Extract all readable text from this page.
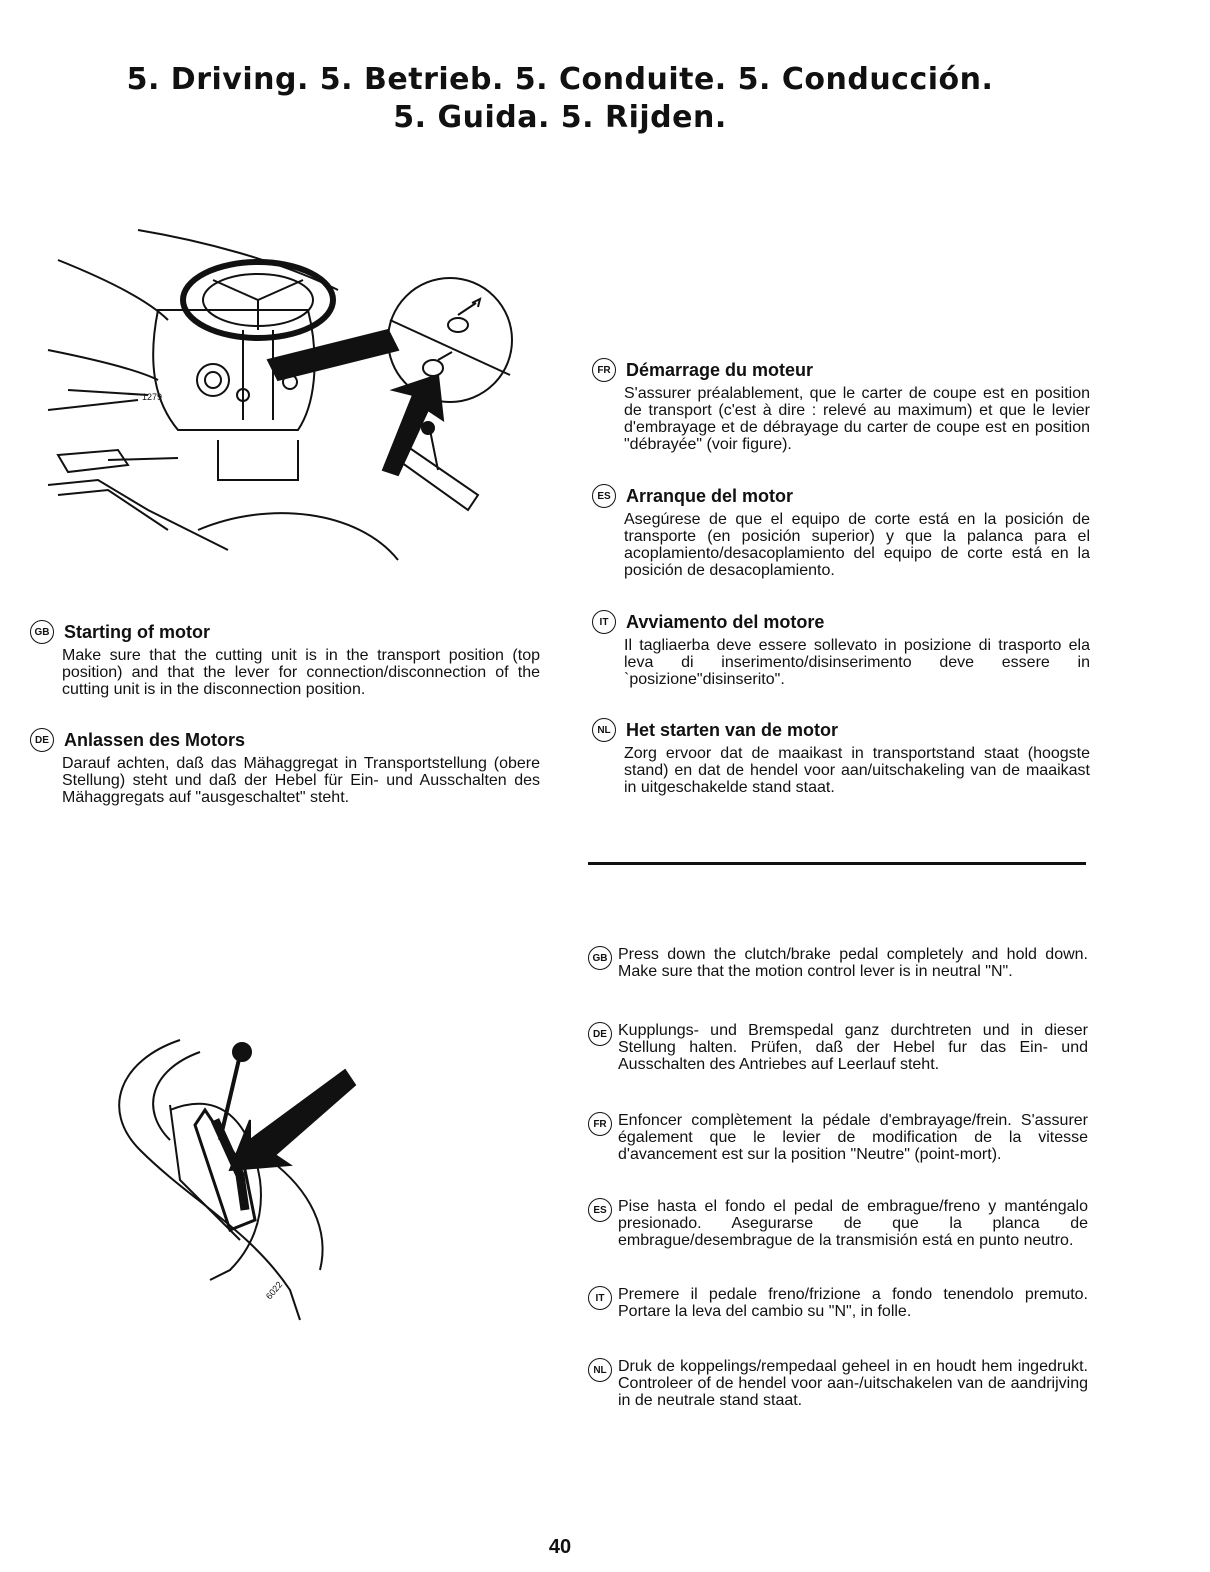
5. Driving. 5. Betrieb. 5. Conduite. 5. Conducción.
5. Guida. 5. Rijden.
1279
GB Starting of motor
Make sure that the cutting unit is in the transport position (top position) and that the lever for connection/disconnection of the cutting unit is in the disconnection position.
DE Anlassen des Motors
Darauf achten, daß das Mähaggregat in Transportstellung (obere Stellung) steht und daß der Hebel für Ein- und Ausschalten des Mähaggregats auf "ausgeschaltet" steht.
FR Démarrage du moteur
S'assurer préalablement, que le carter de coupe est en position de transport (c'est à dire : relevé au maximum) et que le levier d'embrayage et de débrayage du carter de coupe est en position "débrayée" (voir figure).
ES Arranque del motor
Asegúrese de que el equipo de corte está en la posición de transporte (en posición superior) y que la palanca para el acoplamiento/desacoplamiento del equipo de corte está en la posición de desacoplamiento.
IT Avviamento del motore
Il tagliaerba deve essere sollevato in posizione di trasporto ela leva di inserimento/disinserimento deve essere in `posizione"disinserito".
NL Het starten van de motor
Zorg ervoor dat de maaikast in transportstand staat (hoogste stand) en dat de hendel voor aan/uitschakeling van de maaikast in uitgeschakelde stand staat.
6022
GB Press down the clutch/brake pedal completely and hold down. Make sure that the motion control lever is in neutral "N".
DE Kupplungs- und Bremspedal ganz durchtreten und in dieser Stellung halten. Prüfen, daß der Hebel fur das Ein- und Ausschalten des Antriebes auf Leerlauf steht.
FR Enfoncer complètement la pédale d'embrayage/frein. S'assurer également que le levier de modification de la vitesse d'avancement est sur la position "Neutre" (point-mort).
ES Pise hasta el fondo el pedal de embrague/freno y manténgalo presionado. Asegurarse de que la planca de embrague/desembrague de la transmisión está en punto neutro.
IT Premere il pedale freno/frizione a fondo tenendolo premuto. Portare la leva del cambio su "N", in folle.
NL Druk de koppelings/rempedaal geheel in en houdt hem ingedrukt. Controleer of de hendel voor aan-/uitschakelen van de aandrijving in de neutrale stand staat.
40
